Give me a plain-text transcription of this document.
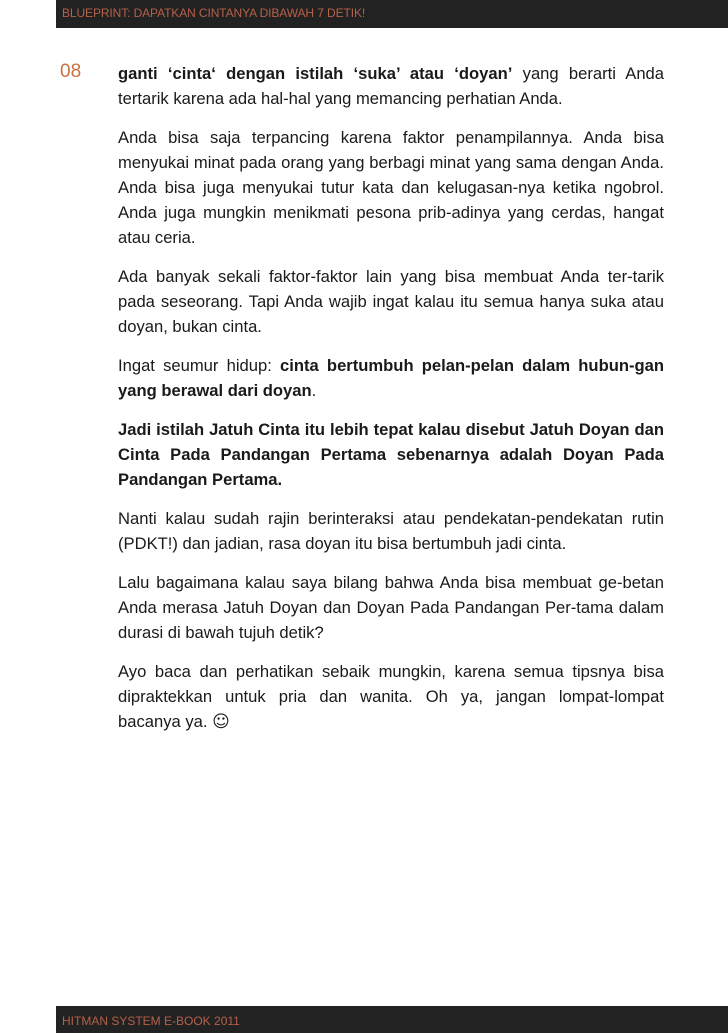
BLUEPRINT: DAPATKAN CINTANYA DIBAWAH 7 DETIK!
08 ganti ‘cinta‘ dengan istilah ‘suka’ atau ‘doyan’ yang berarti Anda tertarik karena ada hal-hal yang memancing perhatian Anda.

Anda bisa saja terpancing karena faktor penampilannya. Anda bisa menyukai minat pada orang yang berbagi minat yang sama dengan Anda. Anda bisa juga menyukai tutur kata dan kelugasan-nya ketika ngobrol. Anda juga mungkin menikmati pesona prib-adinya yang cerdas, hangat atau ceria.

Ada banyak sekali faktor-faktor lain yang bisa membuat Anda ter-tarik pada seseorang. Tapi Anda wajib ingat kalau itu semua hanya suka atau doyan, bukan cinta.

Ingat seumur hidup: cinta bertumbuh pelan-pelan dalam hubun-gan yang berawal dari doyan.

Jadi istilah Jatuh Cinta itu lebih tepat kalau disebut Jatuh Doyan dan Cinta Pada Pandangan Pertama sebenarnya adalah Doyan Pada Pandangan Pertama.

Nanti kalau sudah rajin berinteraksi atau pendekatan-pendekatan rutin (PDKT!) dan jadian, rasa doyan itu bisa bertumbuh jadi cinta.

Lalu bagaimana kalau saya bilang bahwa Anda bisa membuat ge-betan Anda merasa Jatuh Doyan dan Doyan Pada Pandangan Per-tama dalam durasi di bawah tujuh detik?

Ayo baca dan perhatikan sebaik mungkin, karena semua tipsnya bisa dipraktekkan untuk pria dan wanita. Oh ya, jangan lompat-lompat bacanya ya. ☺

HITMAN SYSTEM E-BOOK 2011
